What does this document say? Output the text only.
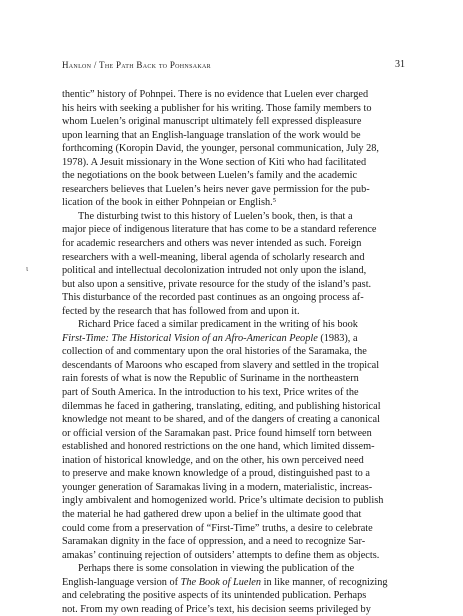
Hanlon / The Path Back to Pohnsakar	31
ι
thentic” history of Pohnpei. There is no evidence that Luelen ever charged
his heirs with seeking a publisher for his writing. Those family members to
whom Luelen’s original manuscript ultimately fell expressed displeasure
upon learning that an English-language translation of the work would be
forthcoming (Koropin David, the younger, personal communication, July 28,
1978). A Jesuit missionary in the Wone section of Kiti who had facilitated
the negotiations on the book between Luelen’s family and the academic
researchers believes that Luelen’s heirs never gave permission for the pub-
lication of the book in either Pohnpeian or English.$^5$
The disturbing twist to this history of Luelen’s book, then, is that a
major piece of indigenous literature that has come to be a standard reference
for academic researchers and others was never intended as such. Foreign
researchers with a well-meaning, liberal agenda of scholarly research and
political and intellectual decolonization intruded not only upon the island,
but also upon a sensitive, private resource for the study of the island’s past.
This disturbance of the recorded past continues as an ongoing process af-
fected by the research that has followed from and upon it.
Richard Price faced a similar predicament in the writing of his book
First-Time: The Historical Vision of an Afro-American People (1983), a
collection of and commentary upon the oral histories of the Saramaka, the
descendants of Maroons who escaped from slavery and settled in the tropical
rain forests of what is now the Republic of Suriname in the northeastern
part of South America. In the introduction to his text, Price writes of the
dilemmas he faced in gathering, translating, editing, and publishing historical
knowledge not meant to be shared, and of the dangers of creating a canonical
or official version of the Saramakan past. Price found himself torn between
established and honored restrictions on the one hand, which limited dissem-
ination of historical knowledge, and on the other, his own perceived need
to preserve and make known knowledge of a proud, distinguished past to a
younger generation of Saramakas living in a modern, materialistic, increas-
ingly ambivalent and homogenized world. Price’s ultimate decision to publish
the material he had gathered drew upon a belief in the ultimate good that
could come from a preservation of “First-Time” truths, a desire to celebrate
Saramakan dignity in the face of oppression, and a need to recognize Sar-
amakas’ continuing rejection of outsiders’ attempts to define them as objects.
Perhaps there is some consolation in viewing the publication of the
English-language version of The Book of Luelen in like manner, of recognizing
and celebrating the positive aspects of its unintended publication. Perhaps
not. From my own reading of Price’s text, his decision seems privileged by
